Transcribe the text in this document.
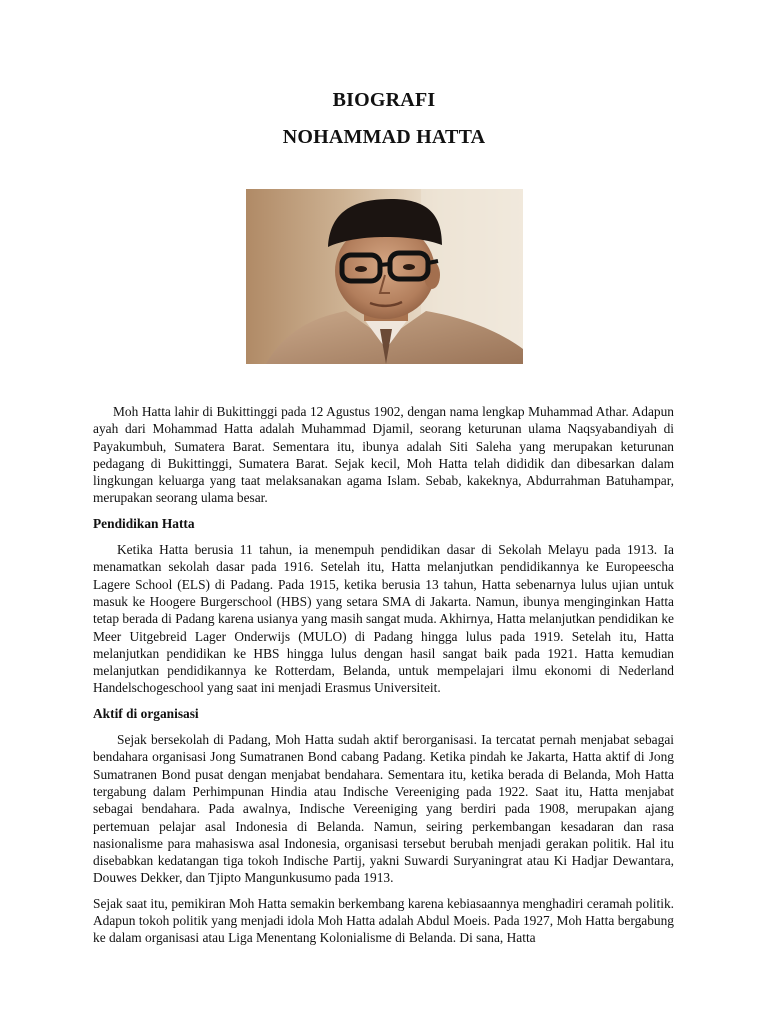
BIOGRAFI
NOHAMMAD HATTA

Moh Hatta lahir di Bukittinggi pada 12 Agustus 1902, dengan nama lengkap Muhammad Athar. Adapun ayah dari Mohammad Hatta adalah Muhammad Djamil, seorang keturunan ulama Naqsyabandiyah di Payakumbuh, Sumatera Barat. Sementara itu, ibunya adalah Siti Saleha yang merupakan keturunan pedagang di Bukittinggi, Sumatera Barat. Sejak kecil, Moh Hatta telah dididik dan dibesarkan dalam lingkungan keluarga yang taat melaksanakan agama Islam. Sebab, kakeknya, Abdurrahman Batuhampar, merupakan seorang ulama besar.

Pendidikan Hatta

Ketika Hatta berusia 11 tahun, ia menempuh pendidikan dasar di Sekolah Melayu pada 1913. Ia menamatkan sekolah dasar pada 1916. Setelah itu, Hatta melanjutkan pendidikannya ke Europeescha Lagere School (ELS) di Padang. Pada 1915, ketika berusia 13 tahun, Hatta sebenarnya lulus ujian untuk masuk ke Hoogere Burgerschool (HBS) yang setara SMA di Jakarta. Namun, ibunya menginginkan Hatta tetap berada di Padang karena usianya yang masih sangat muda. Akhirnya, Hatta melanjutkan pendidikan ke Meer Uitgebreid Lager Onderwijs (MULO) di Padang hingga lulus pada 1919. Setelah itu, Hatta melanjutkan pendidikan ke HBS hingga lulus dengan hasil sangat baik pada 1921. Hatta kemudian melanjutkan pendidikannya ke Rotterdam, Belanda, untuk mempelajari ilmu ekonomi di Nederland Handelschogeschool yang saat ini menjadi Erasmus Universiteit.

Aktif di organisasi

Sejak bersekolah di Padang, Moh Hatta sudah aktif berorganisasi. Ia tercatat pernah menjabat sebagai bendahara organisasi Jong Sumatranen Bond cabang Padang. Ketika pindah ke Jakarta, Hatta aktif di Jong Sumatranen Bond pusat dengan menjabat bendahara. Sementara itu, ketika berada di Belanda, Moh Hatta tergabung dalam Perhimpunan Hindia atau Indische Vereeniging pada 1922. Saat itu, Hatta menjabat sebagai bendahara. Pada awalnya, Indische Vereeniging yang berdiri pada 1908, merupakan ajang pertemuan pelajar asal Indonesia di Belanda. Namun, seiring perkembangan kesadaran dan rasa nasionalisme para mahasiswa asal Indonesia, organisasi tersebut berubah menjadi gerakan politik. Hal itu disebabkan kedatangan tiga tokoh Indische Partij, yakni Suwardi Suryaningrat atau Ki Hadjar Dewantara, Douwes Dekker, dan Tjipto Mangunkusumo pada 1913.

Sejak saat itu, pemikiran Moh Hatta semakin berkembang karena kebiasaannya menghadiri ceramah politik. Adapun tokoh politik yang menjadi idola Moh Hatta adalah Abdul Moeis. Pada 1927, Moh Hatta bergabung ke dalam organisasi atau Liga Menentang Kolonialisme di Belanda. Di sana, Hatta
